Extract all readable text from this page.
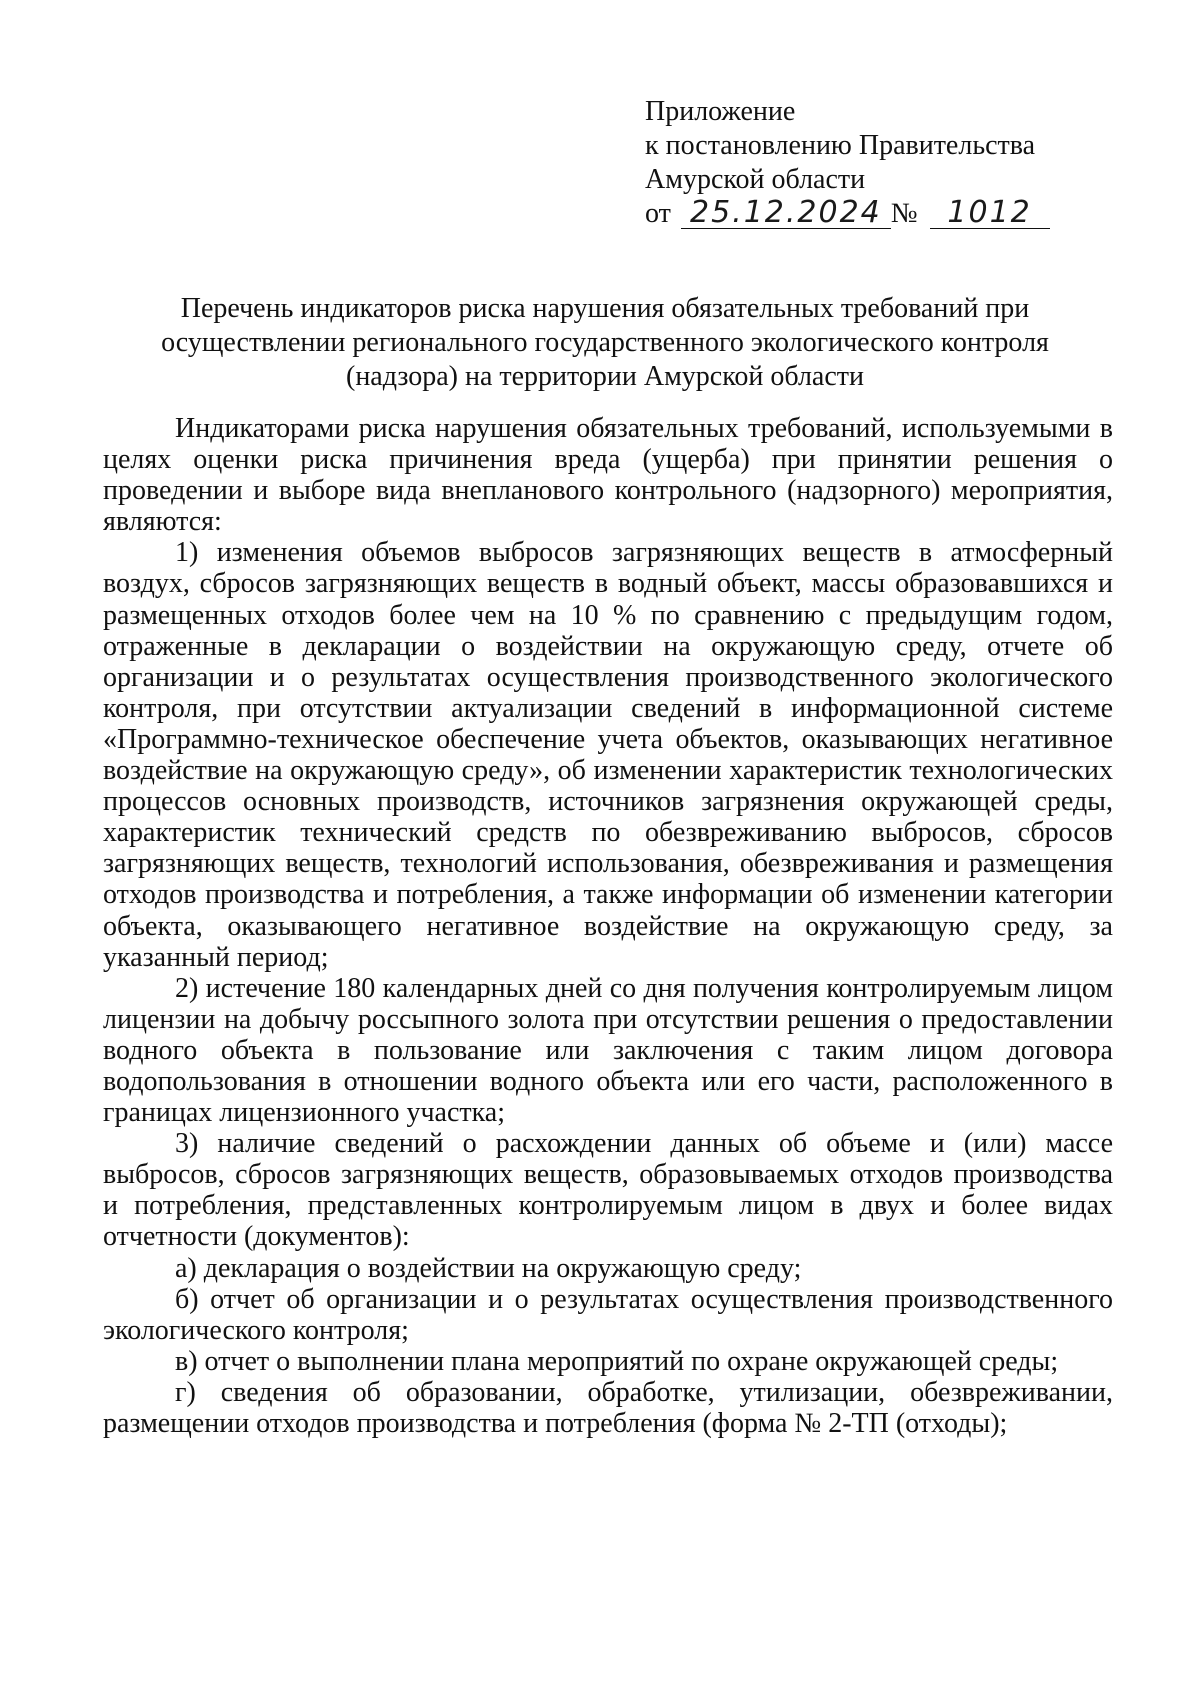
Приложение
к постановлению Правительства
Амурской области
от 25.12.2024 № 1012
Перечень индикаторов риска нарушения обязательных требований при осуществлении регионального государственного экологического контроля (надзора) на территории Амурской области

Индикаторами риска нарушения обязательных требований, используемыми в целях оценки риска причинения вреда (ущерба) при принятии решения о проведении и выборе вида внепланового контрольного (надзорного) мероприятия, являются:

1) изменения объемов выбросов загрязняющих веществ в атмосферный воздух, сбросов загрязняющих веществ в водный объект, массы образовавшихся и размещенных отходов более чем на 10 % по сравнению с предыдущим годом, отраженные в декларации о воздействии на окружающую среду, отчете об организации и о результатах осуществления производственного экологического контроля, при отсутствии актуализации сведений в информационной системе «Программно-техническое обеспечение учета объектов, оказывающих негативное воздействие на окружающую среду», об изменении характеристик технологических процессов основных производств, источников загрязнения окружающей среды, характеристик технический средств по обезвреживанию выбросов, сбросов загрязняющих веществ, технологий использования, обезвреживания и размещения отходов производства и потребления, а также информации об изменении категории объекта, оказывающего негативное воздействие на окружающую среду, за указанный период;

2) истечение 180 календарных дней со дня получения контролируемым лицом лицензии на добычу россыпного золота при отсутствии решения о предоставлении водного объекта в пользование или заключения с таким лицом договора водопользования в отношении водного объекта или его части, расположенного в границах лицензионного участка;

3) наличие сведений о расхождении данных об объеме и (или) массе выбросов, сбросов загрязняющих веществ, образовываемых отходов производства и потребления, представленных контролируемым лицом в двух и более видах отчетности (документов):

а) декларация о воздействии на окружающую среду;

б) отчет об организации и о результатах осуществления производственного экологического контроля;

в) отчет о выполнении плана мероприятий по охране окружающей среды;

г) сведения об образовании, обработке, утилизации, обезвреживании, размещении отходов производства и потребления (форма № 2-ТП (отходы);
